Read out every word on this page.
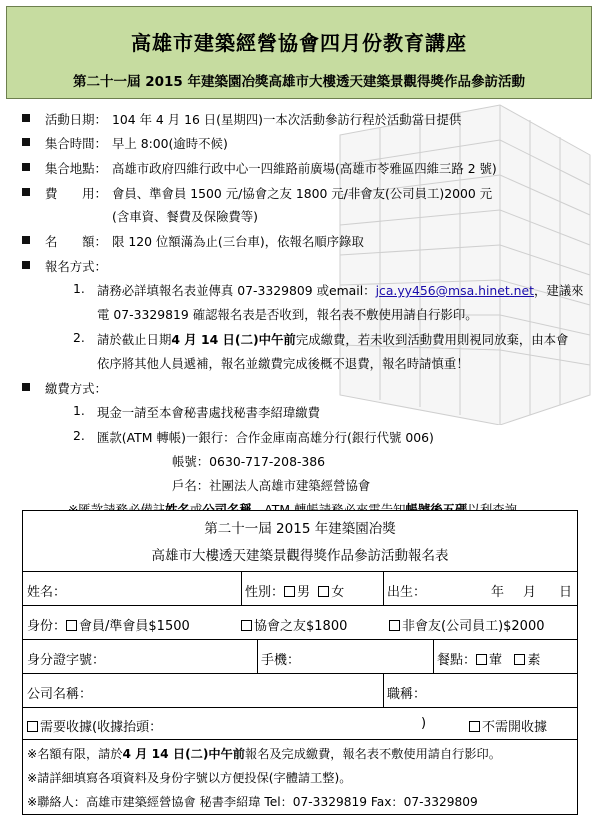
高雄市建築經營協會四月份教育講座
第二十一屆 2015 年建築園冶獎高雄市大樓透天建築景觀得獎作品參訪活動
活動日期： 104 年 4 月 16 日(星期四)一本次活動參訪行程於活動當日提供
集合時間： 早上 8:00(逾時不候)
集合地點： 高雄市政府四維行政中心一四維路前廣場(高雄市苓雅區四維三路 2 號)
費　　用： 會員、準會員 1500 元/協會之友 1800 元/非會友(公司員工)2000 元
(含車資、餐費及保險費等)
名　　額： 限 120 位額滿為止(三台車)，依報名順序錄取
報名方式：
1. 請務必詳填報名表並傳真 07-3329809 或email：jca.yy456@msa.hinet.net，建議來
電 07-3329819 確認報名表是否收到，報名表不敷使用請自行影印。
2. 請於截止日期4 月 14 日(二)中午前完成繳費，若未收到活動費用則視同放棄，由本會
依序將其他人員遞補，報名並繳費完成後概不退費，報名時請慎重！
繳費方式：
1. 現金一請至本會秘書處找秘書李紹瑋繳費
2. 匯款(ATM 轉帳)一銀行：合作金庫南高雄分行(銀行代號 006)
帳號：0630-717-208-386
戶名：社團法人高雄市建築經營協會
第二十一屆 2015 年建築園冶獎
高雄市大樓透天建築景觀得獎作品參訪活動報名表
姓名：	性別： 男 女	出生：	年 月 日
身份： 會員/準會員$1500	協會之友$1800	非會友(公司員工)$2000
身分證字號：	手機：	餐點： 葷 素
公司名稱：	職稱：
需要收據(收據抬頭：	)	不需開收據
※名額有限，請於4 月 14 日(二)中午前報名及完成繳費，報名表不敷使用請自行影印。
※請詳細填寫各項資料及身份字號以方便投保(字體請工整)。
※聯絡人：高雄市建築經營協會 秘書李紹瑋 Tel：07-3329819 Fax：07-3329809
